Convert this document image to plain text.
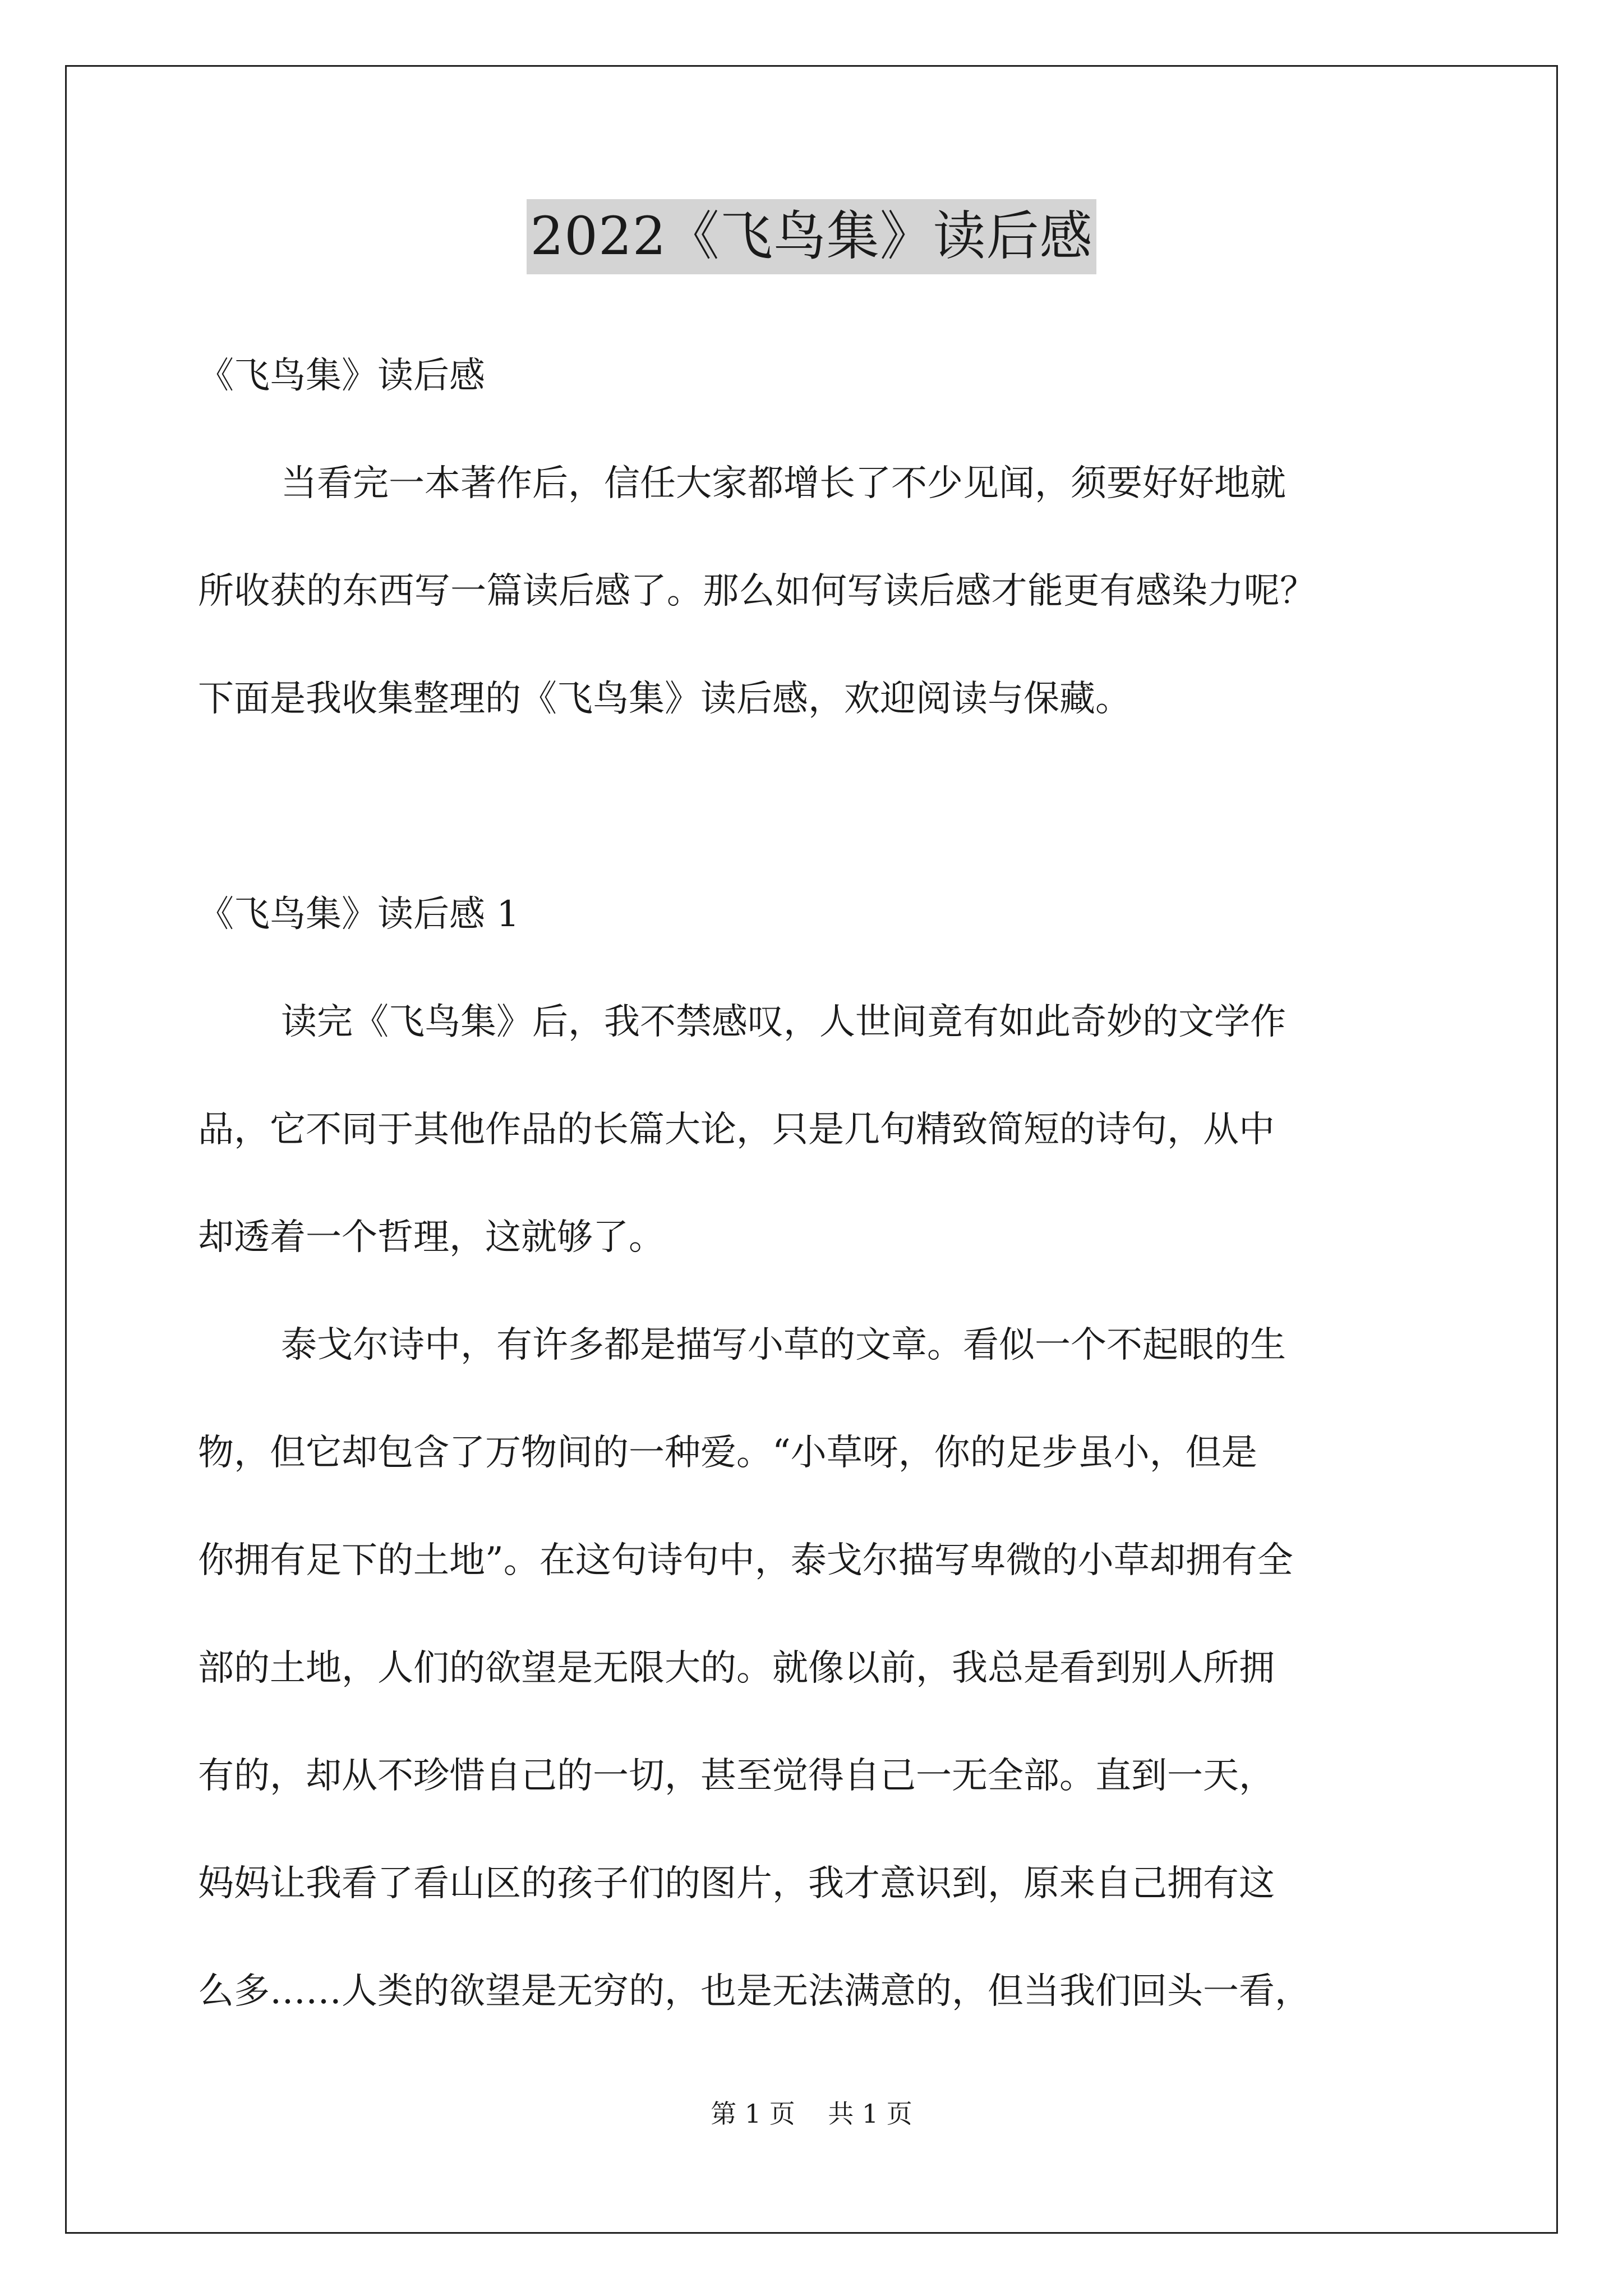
2022《飞鸟集》读后感
《飞鸟集》读后感
当看完一本著作后，信任大家都增长了不少见闻，须要好好地就
所收获的东西写一篇读后感了。那么如何写读后感才能更有感染力呢？
下面是我收集整理的《飞鸟集》读后感，欢迎阅读与保藏。
《飞鸟集》读后感 1
读完《飞鸟集》后，我不禁感叹，人世间竟有如此奇妙的文学作
品，它不同于其他作品的长篇大论，只是几句精致简短的诗句，从中
却透着一个哲理，这就够了。
泰戈尔诗中，有许多都是描写小草的文章。看似一个不起眼的生
物，但它却包含了万物间的一种爱。“小草呀，你的足步虽小，但是
你拥有足下的土地”。在这句诗句中，泰戈尔描写卑微的小草却拥有全
部的土地，人们的欲望是无限大的。就像以前，我总是看到别人所拥
有的，却从不珍惜自己的一切，甚至觉得自己一无全部。直到一天，
妈妈让我看了看山区的孩子们的图片，我才意识到，原来自己拥有这
么多……人类的欲望是无穷的，也是无法满意的，但当我们回头一看，
第 1 页    共 1 页
